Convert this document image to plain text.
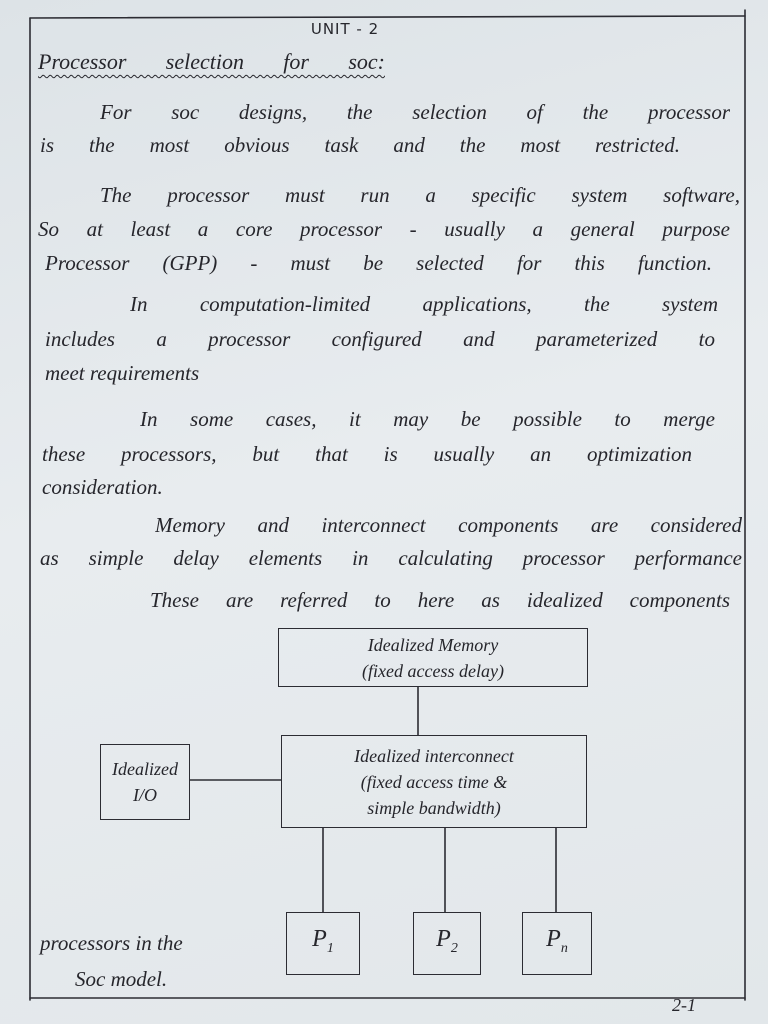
UNIT - 2
Processor selection for soc:
For soc designs, the selection of the processor
is the most obvious task and the most restricted.
The processor must run a specific system software,
So at least a core processor - usually a general purpose
Processor (GPP) - must be selected for this function.
In computation-limited applications, the system
includes a processor configured and parameterized to
meet requirements
In some cases, it may be possible to merge
these processors, but that is usually an optimization
consideration.
Memory and interconnect components are considered
as simple delay elements in calculating processor performance
These are referred to here as idealized components
Idealized Memory
(fixed access delay)
Idealized interconnect
(fixed access time &
simple bandwidth)
Idealized
I/O
$P_1$	$P_2$	$P_n$
processors in the
Soc model.
2-1
